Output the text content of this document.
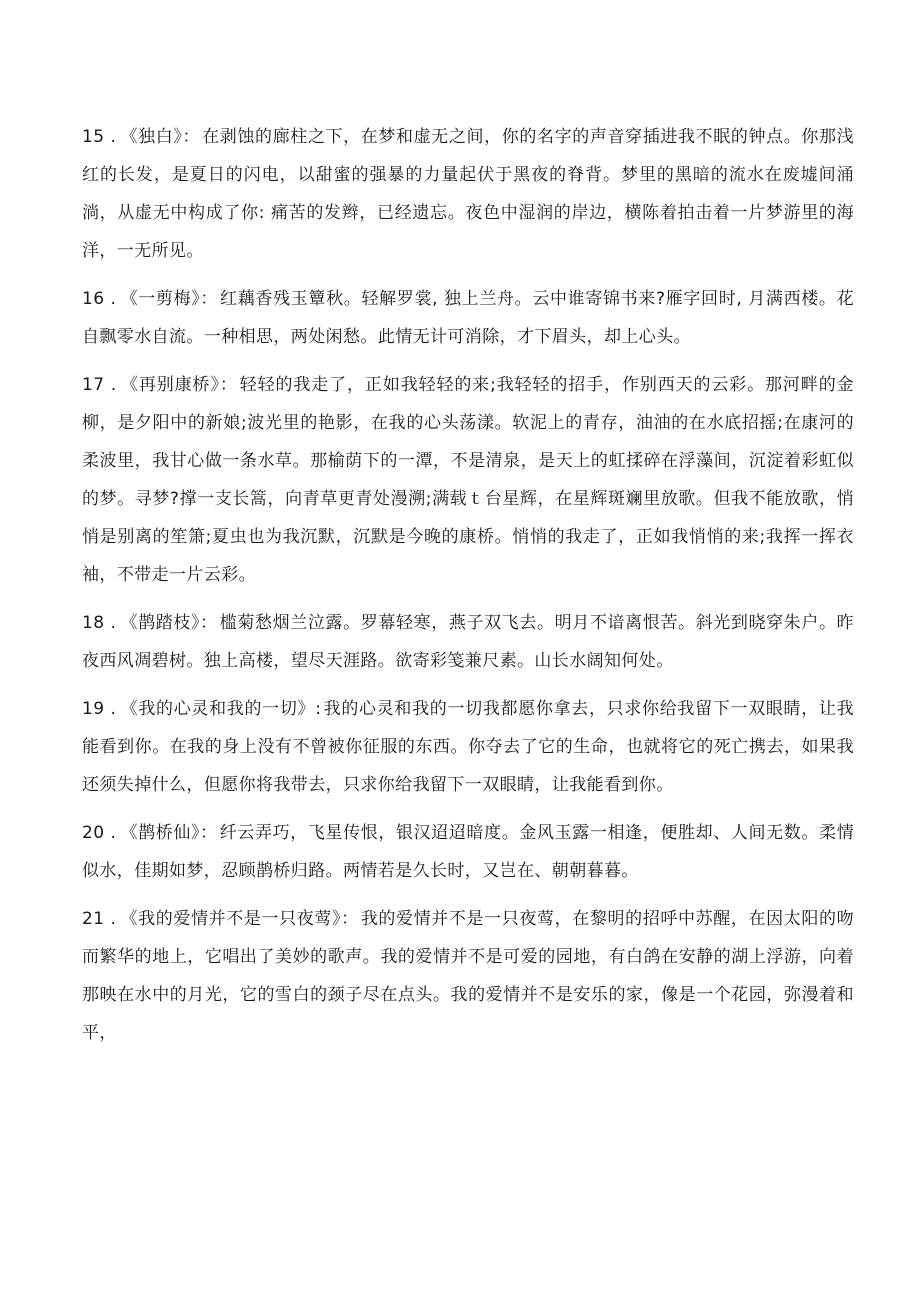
15 . 《独白》： 在剥蚀的廊柱之下，在梦和虚无之间，你的名字的声音穿插进我不眠的钟点。你那浅红的长发，是夏日的闪电，以甜蜜的强暴的力量起伏于黑夜的脊背。梦里的黑暗的流水在废墟间涌淌，从虚无中构成了你: 痛苦的发辫，已经遗忘。夜色中湿润的岸边，横陈着拍击着一片梦游里的海洋，一无所见。

16 . 《一剪梅》： 红藕香残玉簟秋。轻解罗裳, 独上兰舟。云中谁寄锦书来?雁字回时, 月满西楼。花自飘零水自流。一种相思，两处闲愁。此情无计可消除，才下眉头，却上心头。

17 . 《再别康桥》： 轻轻的我走了，正如我轻轻的来;我轻轻的招手，作别西天的云彩。那河畔的金柳，是夕阳中的新娘;波光里的艳影，在我的心头荡漾。软泥上的青存，油油的在水底招摇;在康河的柔波里，我甘心做一条水草。那榆荫下的一潭，不是清泉，是天上的虹揉碎在浮藻间，沉淀着彩虹似的梦。寻梦?撑一支长篙，向青草更青处漫溯;满载ｔ台星辉，在星辉斑斓里放歌。但我不能放歌，悄悄是别离的笙箫;夏虫也为我沉默，沉默是今晚的康桥。悄悄的我走了，正如我悄悄的来;我挥一挥衣袖，不带走一片云彩。

18 . 《鹊踏枝》： 槛菊愁烟兰泣露。罗幕轻寒，燕子双飞去。明月不谙离恨苦。斜光到晓穿朱户。昨夜西风凋碧树。独上高楼，望尽天涯路。欲寄彩笺兼尺素。山长水阔知何处。

19 . 《我的心灵和我的一切》: 我的心灵和我的一切我都愿你拿去，只求你给我留下一双眼睛，让我能看到你。在我的身上没有不曾被你征服的东西。你夺去了它的生命，也就将它的死亡携去，如果我还须失掉什么，但愿你将我带去，只求你给我留下一双眼睛，让我能看到你。

20 . 《鹊桥仙》： 纤云弄巧，飞星传恨，银汉迢迢暗度。金风玉露一相逢，便胜却、人间无数。柔情似水，佳期如梦，忍顾鹊桥归路。两情若是久长时，又岂在、朝朝暮暮。

21 . 《我的爱情并不是一只夜莺》： 我的爱情并不是一只夜莺，在黎明的招呼中苏醒，在因太阳的吻而繁华的地上，它唱出了美妙的歌声。我的爱情并不是可爱的园地，有白鸽在安静的湖上浮游，向着那映在水中的月光，它的雪白的颈子尽在点头。我的爱情并不是安乐的家，像是一个花园，弥漫着和平，
